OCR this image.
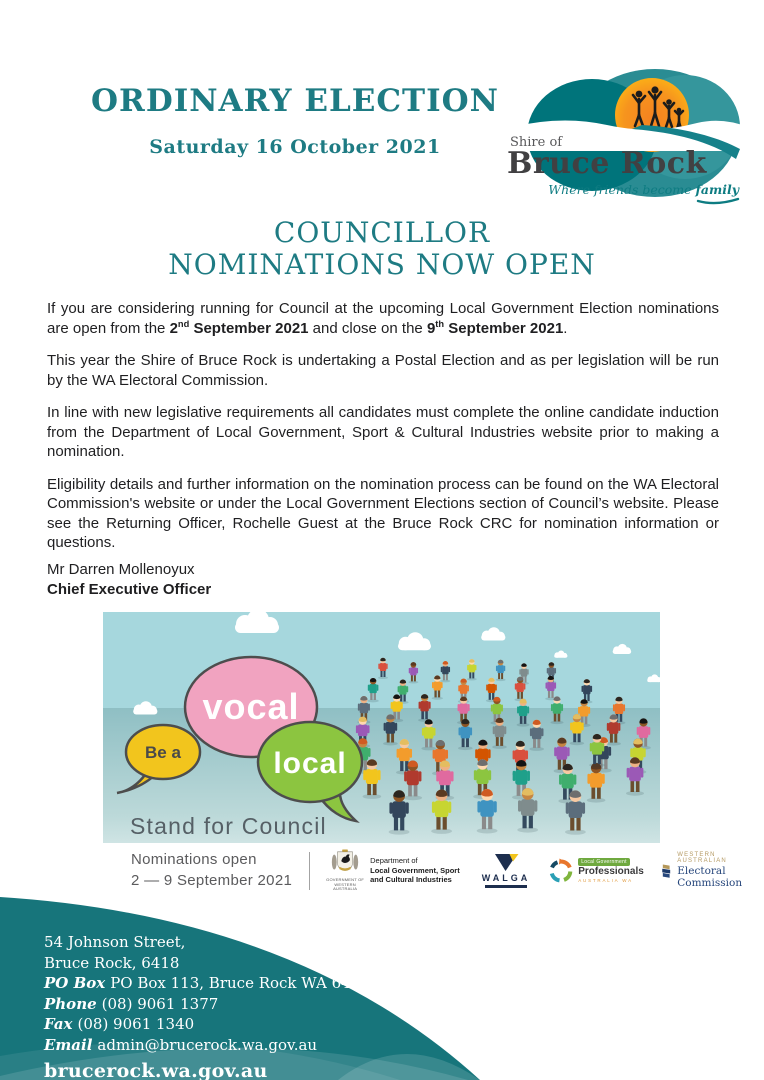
ORDINARY ELECTION
Saturday 16 October 2021	Shire of
Bruce Rock
Where friends become family
COUNCILLOR
NOMINATIONS NOW OPEN

If you are considering running for Council at the upcoming Local Government Election nominations are open from the 2nd September 2021 and close on the 9th September 2021.

This year the Shire of Bruce Rock is undertaking a Postal Election and as per legislation will be run by the WA Electoral Commission.

In line with new legislative requirements all candidates must complete the online candidate induction from the Department of Local Government, Sport & Cultural Industries website prior to making a nomination.

Eligibility details and further information on the nomination process can be found on the WA Electoral Commission's website or under the Local Government Elections section of Council’s website. Please see the Returning Officer, Rochelle Guest at the Bruce Rock CRC for nomination information or questions.

Mr Darren Mollenoyux
Chief Executive Officer
vocal
local
Be a
Stand for Council
Nominations open
2 — 9 September 2021	GOVERNMENT OF WESTERN AUSTRALIA
Department of
Local Government, Sport
and Cultural Industries	WALGA
Local Government
Professionals
AUSTRALIA WA
WESTERN AUSTRALIAN
Electoral Commission
54 Johnson Street,
Bruce Rock, 6418
PO Box PO Box 113, Bruce Rock WA 6418
Phone (08) 9061 1377
Fax (08) 9061 1340
Email admin@brucerock.wa.gov.au
brucerock.wa.gov.au
